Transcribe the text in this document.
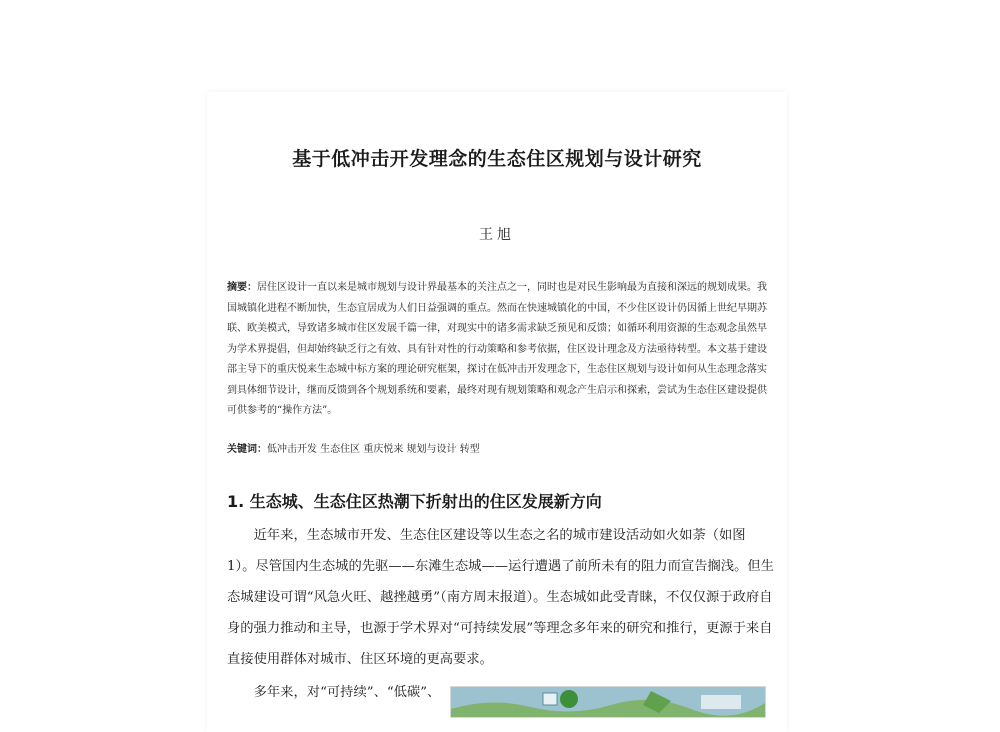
基于低冲击开发理念的生态住区规划与设计研究
王旭
摘要：居住区设计一直以来是城市规划与设计界最基本的关注点之一，同时也是对民生影响最为直接和深远的规划成果。我国城镇化进程不断加快，生态宜居成为人们日益强调的重点。然而在快速城镇化的中国，不少住区设计仍因循上世纪早期苏联、欧美模式，导致诸多城市住区发展千篇一律，对现实中的诸多需求缺乏预见和反馈；如循环利用资源的生态观念虽然早为学术界提倡，但却始终缺乏行之有效、具有针对性的行动策略和参考依据，住区设计理念及方法亟待转型。本文基于建设部主导下的重庆悦来生态城中标方案的理论研究框架，探讨在低冲击开发理念下，生态住区规划与设计如何从生态理念落实到具体细节设计，继而反馈到各个规划系统和要素，最终对现有规划策略和观念产生启示和探索，尝试为生态住区建设提供可供参考的“操作方法”。
关键词：低冲击开发 生态住区 重庆悦来 规划与设计 转型
1. 生态城、生态住区热潮下折射出的住区发展新方向
近年来，生态城市开发、生态住区建设等以生态之名的城市建设活动如火如荼（如图 1）。尽管国内生态城的先驱——东滩生态城——运行遭遇了前所未有的阻力而宣告搁浅。但生态城建设可谓“风急火旺、越挫越勇”（南方周末报道）。生态城如此受青睐，不仅仅源于政府自身的强力推动和主导，也源于学术界对“可持续发展”等理念多年来的研究和推行，更源于来自直接使用群体对城市、住区环境的更高要求。
多年来，对“可持续”、“低碳”、
